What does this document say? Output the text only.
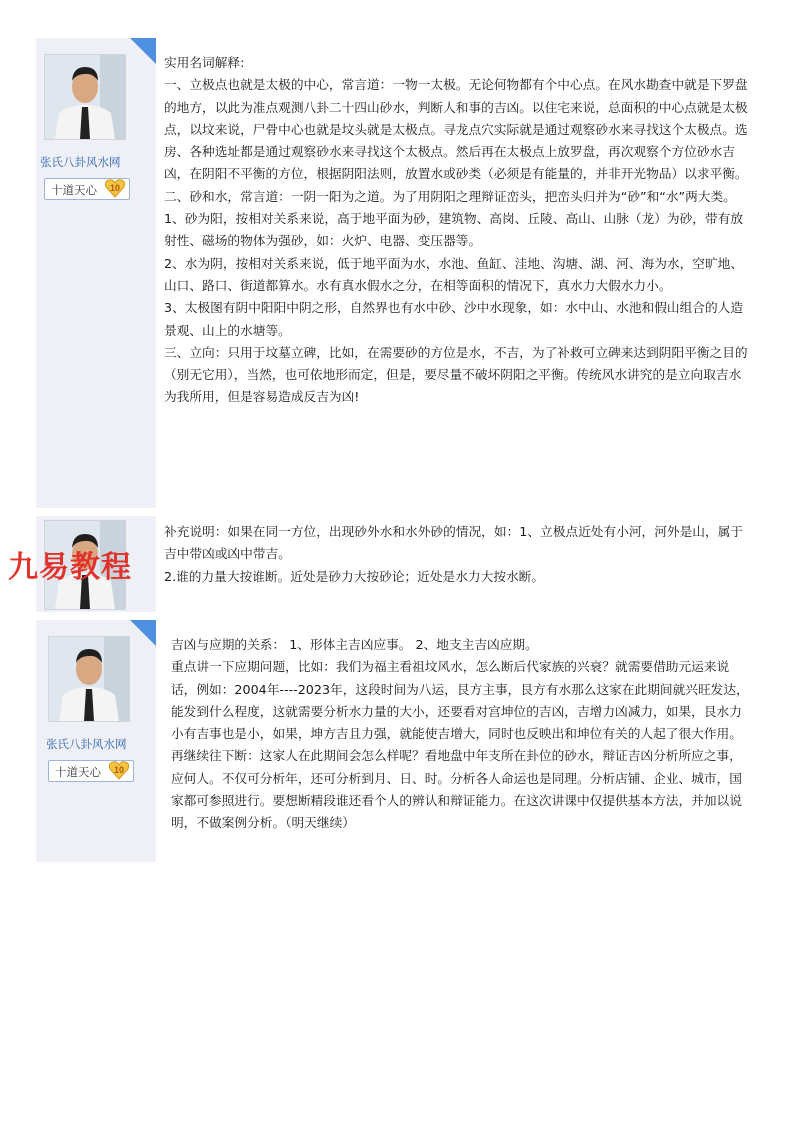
张氏八卦风水网
十道天心 10

实用名词解释:

一、立极点也就是太极的中心，常言道：一物一太极。无论何物都有个中心点。在风水勘查中就是下罗盘的地方，以此为准点观测八卦二十四山砂水，判断人和事的吉凶。以住宅来说，总面积的中心点就是太极点，以坟来说，尸骨中心也就是坟头就是太极点。寻龙点穴实际就是通过观察砂水来寻找这个太极点。选房、各种选址都是通过观察砂水来寻找这个太极点。然后再在太极点上放罗盘，再次观察个方位砂水吉凶，在阴阳不平衡的方位，根据阴阳法则，放置水或砂类（必须是有能量的，并非开光物品）以求平衡。

二、砂和水，常言道：一阴一阳为之道。为了用阴阳之理辩证峦头，把峦头归并为“砂”和“水”两大类。

1、砂为阳，按相对关系来说，高于地平面为砂，建筑物、高岗、丘陵、高山、山脉（龙）为砂，带有放射性、磁场的物体为强砂，如：火炉、电器、变压器等。

2、水为阴，按相对关系来说，低于地平面为水，水池、鱼缸、洼地、沟塘、湖、河、海为水，空旷地、山口、路口、街道都算水。水有真水假水之分，在相等面积的情况下，真水力大假水力小。

3、太极图有阴中阳阳中阴之形，自然界也有水中砂、沙中水现象，如：水中山、水池和假山组合的人造景观、山上的水塘等。

三、立向：只用于坟墓立碑，比如，在需要砂的方位是水，不吉，为了补救可立碑来达到阴阳平衡之目的（别无它用），当然，也可依地形而定，但是，要尽量不破坏阴阳之平衡。传统风水讲究的是立向取吉水为我所用，但是容易造成反吉为凶!

补充说明：如果在同一方位，出现砂外水和水外砂的情况，如：1、立极点近处有小河，河外是山，属于吉中带凶或凶中带吉。

2.谁的力量大按谁断。近处是砂力大按砂论；近处是水力大按水断。

九易教程
张氏八卦风水网
十道天心 10

吉凶与应期的关系： 1、形体主吉凶应事。 2、地支主吉凶应期。

重点讲一下应期问题，比如：我们为福主看祖坟风水，怎么断后代家族的兴衰？就需要借助元运来说话，例如：2004年----2023年，这段时间为八运，艮方主事，艮方有水那么这家在此期间就兴旺发达，能发到什么程度，这就需要分析水力量的大小，还要看对宫坤位的吉凶，吉增力凶减力，如果，艮水力小有吉事也是小，如果，坤方吉且力强，就能使吉增大，同时也反映出和坤位有关的人起了很大作用。再继续往下断：这家人在此期间会怎么样呢？看地盘中年支所在卦位的砂水，辩证吉凶分析所应之事，应何人。不仅可分析年，还可分析到月、日、时。分析各人命运也是同理。分析店铺、企业、城市，国家都可参照进行。要想断精段谁还看个人的辨认和辩证能力。在这次讲课中仅提供基本方法，并加以说明，不做案例分析。（明天继续）
